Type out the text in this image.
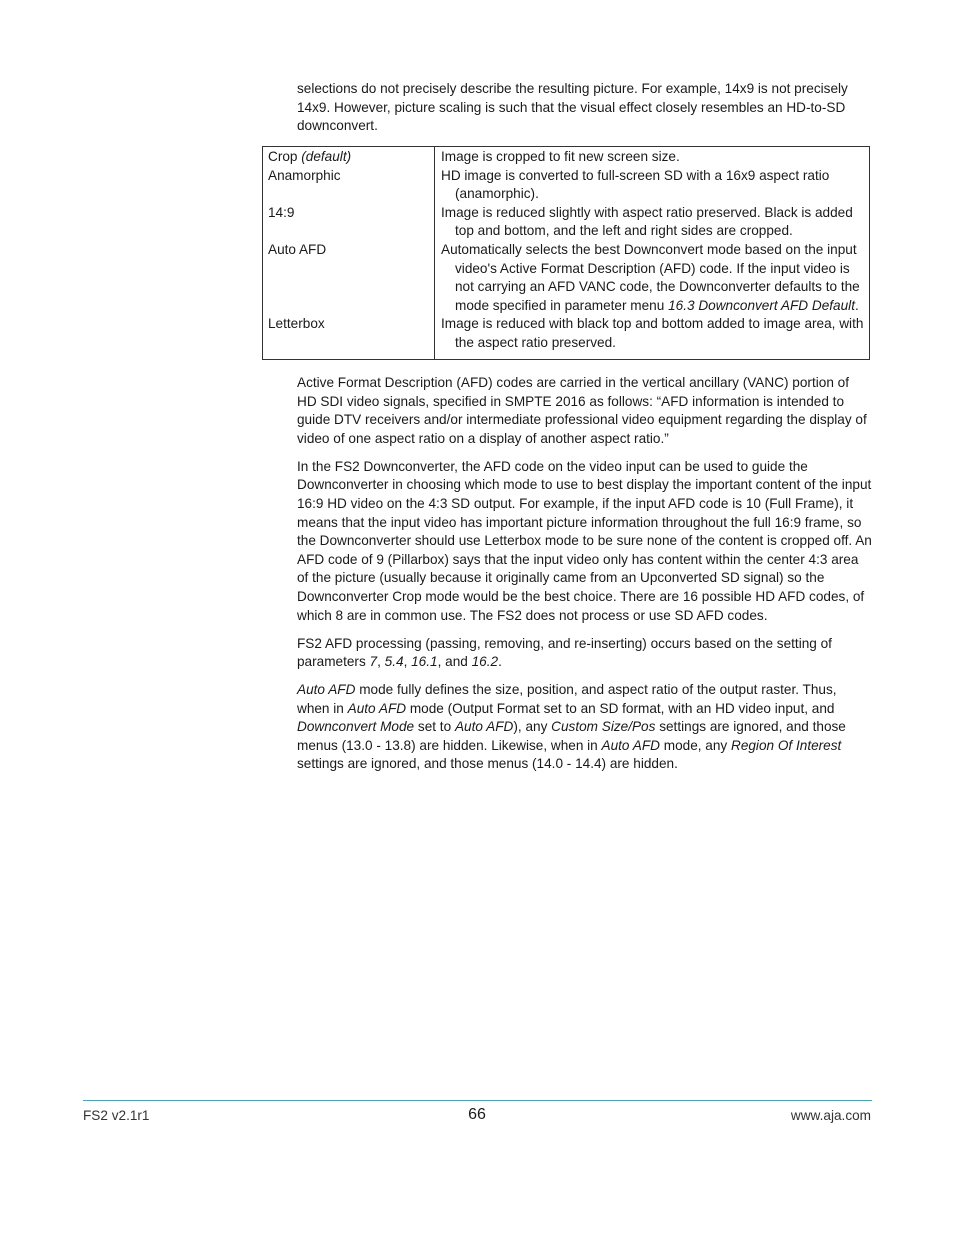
selections do not precisely describe the resulting picture. For example, 14x9 is not precisely 14x9. However, picture scaling is such that the visual effect closely resembles an HD-to-SD downconvert.

Crop (default)	Image is cropped to fit new screen size.

Anamorphic	HD image is converted to full-screen SD with a 16x9 aspect ratio (anamorphic).

14:9	Image is reduced slightly with aspect ratio preserved. Black is added top and bottom, and the left and right sides are cropped.

Auto AFD	Automatically selects the best Downconvert mode based on the input video's Active Format Description (AFD) code. If the input video is not carrying an AFD VANC code, the Downconverter defaults to the mode specified in parameter menu 16.3 Downconvert AFD Default.

Letterbox	Image is reduced with black top and bottom added to image area, with the aspect ratio preserved.

Active Format Description (AFD) codes are carried in the vertical ancillary (VANC) portion of HD SDI video signals, specified in SMPTE 2016 as follows: “AFD information is intended to guide DTV receivers and/or intermediate professional video equipment regarding the display of video of one aspect ratio on a display of another aspect ratio.”

In the FS2 Downconverter, the AFD code on the video input can be used to guide the Downconverter in choosing which mode to use to best display the important content of the input 16:9 HD video on the 4:3 SD output. For example, if the input AFD code is 10 (Full Frame), it means that the input video has important picture information throughout the full 16:9 frame, so the Downconverter should use Letterbox mode to be sure none of the content is cropped off. An AFD code of 9 (Pillarbox) says that the input video only has content within the center 4:3 area of the picture (usually because it originally came from an Upconverted SD signal) so the Downconverter Crop mode would be the best choice. There are 16 possible HD AFD codes, of which 8 are in common use. The FS2 does not process or use SD AFD codes.

FS2 AFD processing (passing, removing, and re-inserting) occurs based on the setting of parameters 7, 5.4, 16.1, and 16.2.

Auto AFD mode fully defines the size, position, and aspect ratio of the output raster. Thus, when in Auto AFD mode (Output Format set to an SD format, with an HD video input, and Downconvert Mode set to Auto AFD), any Custom Size/Pos settings are ignored, and those menus (13.0 - 13.8) are hidden. Likewise, when in Auto AFD mode, any Region Of Interest settings are ignored, and those menus (14.0 - 14.4) are hidden.

FS2 v2.1r1	66	www.aja.com
